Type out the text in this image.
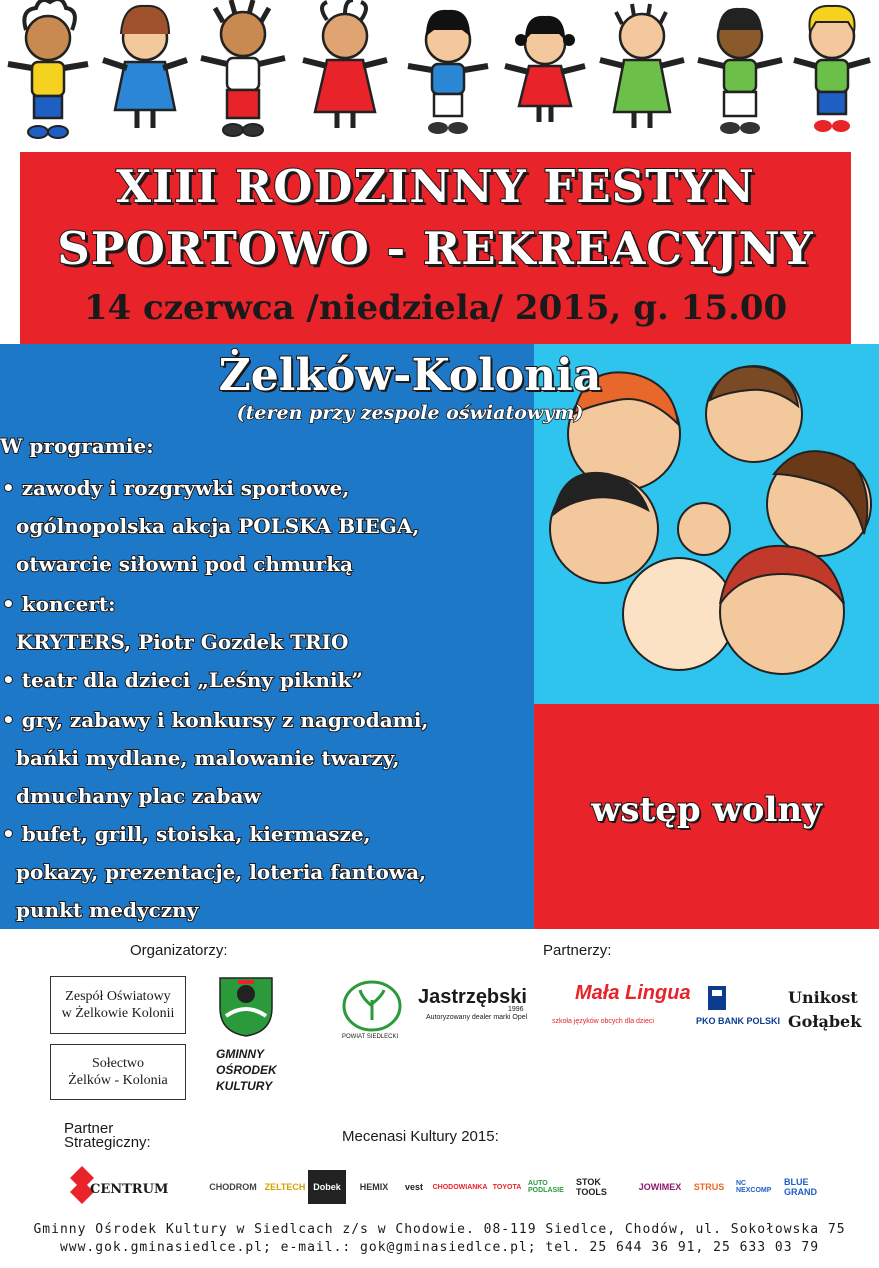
XIII RODZINNY FESTYN
SPORTOWO - REKREACYJNY
14 czerwca /niedziela/ 2015, g. 15.00
wstęp wolny
Żelków-Kolonia
(teren przy zespole oświatowym)
W programie:
• zawody i rozgrywki sportowe,
ogólnopolska akcja POLSKA BIEGA,
otwarcie siłowni pod chmurką
• koncert:
KRYTERS, Piotr Gozdek TRIO
• teatr dla dzieci „Leśny piknik”
• gry, zabawy i konkursy z nagrodami,
bańki mydlane, malowanie twarzy,
dmuchany plac zabaw
• bufet, grill, stoiska, kiermasze,
pokazy, prezentacje, loteria fantowa,
punkt medyczny
Organizatorzy:
Zespół Oświatowy
w Żelkowie Kolonii
Sołectwo
Żelków - Kolonia
GMINNY
OŚRODEK
KULTURY
Partnerzy:
POWIAT SIEDLECKI
Jastrzębski
1996
Autoryzowany dealer marki Opel
Mała Lingua
szkoła języków obcych dla dzieci	PKO BANK POLSKI
Unikost
Gołąbek
Partner
Strategiczny:
CENTRUM
Mecenasi Kultury 2015:
CHODROM ZELTECH Dobek	HEMIX	vest	CHODOWIANKA TOYOTA AUTO PODLASIE
STOK TOOLS	JOWIMEX	STRUS	NC NEXCOMP
BLUE GRAND
Gminny Ośrodek Kultury w Siedlcach z/s w Chodowie. 08-119 Siedlce, Chodów, ul. Sokołowska 75
www.gok.gminasiedlce.pl; e-mail.: gok@gminasiedlce.pl; tel. 25 644 36 91, 25 633 03 79
